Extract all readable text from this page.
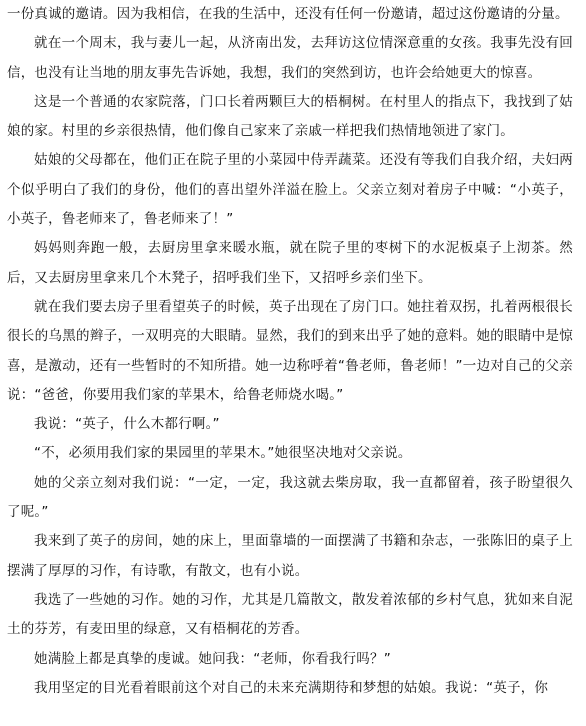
一份真诚的邀请。因为我相信，在我的生活中，还没有任何一份邀请，超过这份邀请的分量。

就在一个周末，我与妻儿一起，从济南出发，去拜访这位情深意重的女孩。我事先没有回信，也没有让当地的朋友事先告诉她，我想，我们的突然到访，也许会给她更大的惊喜。

这是一个普通的农家院落，门口长着两颗巨大的梧桐树。在村里人的指点下，我找到了姑娘的家。村里的乡亲很热情，他们像自己家来了亲戚一样把我们热情地领进了家门。

姑娘的父母都在，他们正在院子里的小菜园中侍弄蔬菜。还没有等我们自我介绍，夫妇两个似乎明白了我们的身份，他们的喜出望外洋溢在脸上。父亲立刻对着房子中喊：“小英子，小英子，鲁老师来了，鲁老师来了！”

妈妈则奔跑一般，去厨房里拿来暖水瓶，就在院子里的枣树下的水泥板桌子上沏茶。然后，又去厨房里拿来几个木凳子，招呼我们坐下，又招呼乡亲们坐下。

就在我们要去房子里看望英子的时候，英子出现在了房门口。她拄着双拐，扎着两根很长很长的乌黑的辫子，一双明亮的大眼睛。显然，我们的到来出乎了她的意料。她的眼睛中是惊喜，是激动，还有一些暂时的不知所措。她一边称呼着“鲁老师，鲁老师！”一边对自己的父亲说：“爸爸，你要用我们家的苹果木，给鲁老师烧水喝。”

我说：“英子，什么木都行啊。”

“不，必须用我们家的果园里的苹果木。”她很坚决地对父亲说。

她的父亲立刻对我们说：“一定，一定，我这就去柴房取，我一直都留着，孩子盼望很久了呢。”

我来到了英子的房间，她的床上，里面靠墙的一面摆满了书籍和杂志，一张陈旧的桌子上摆满了厚厚的习作，有诗歌，有散文，也有小说。

我选了一些她的习作。她的习作，尤其是几篇散文，散发着浓郁的乡村气息，犹如来自泥土的芬芳，有麦田里的绿意，又有梧桐花的芳香。

她满脸上都是真挚的虔诚。她问我：“老师，你看我行吗？”

我用坚定的目光看着眼前这个对自己的未来充满期待和梦想的姑娘。我说：“英子，你
